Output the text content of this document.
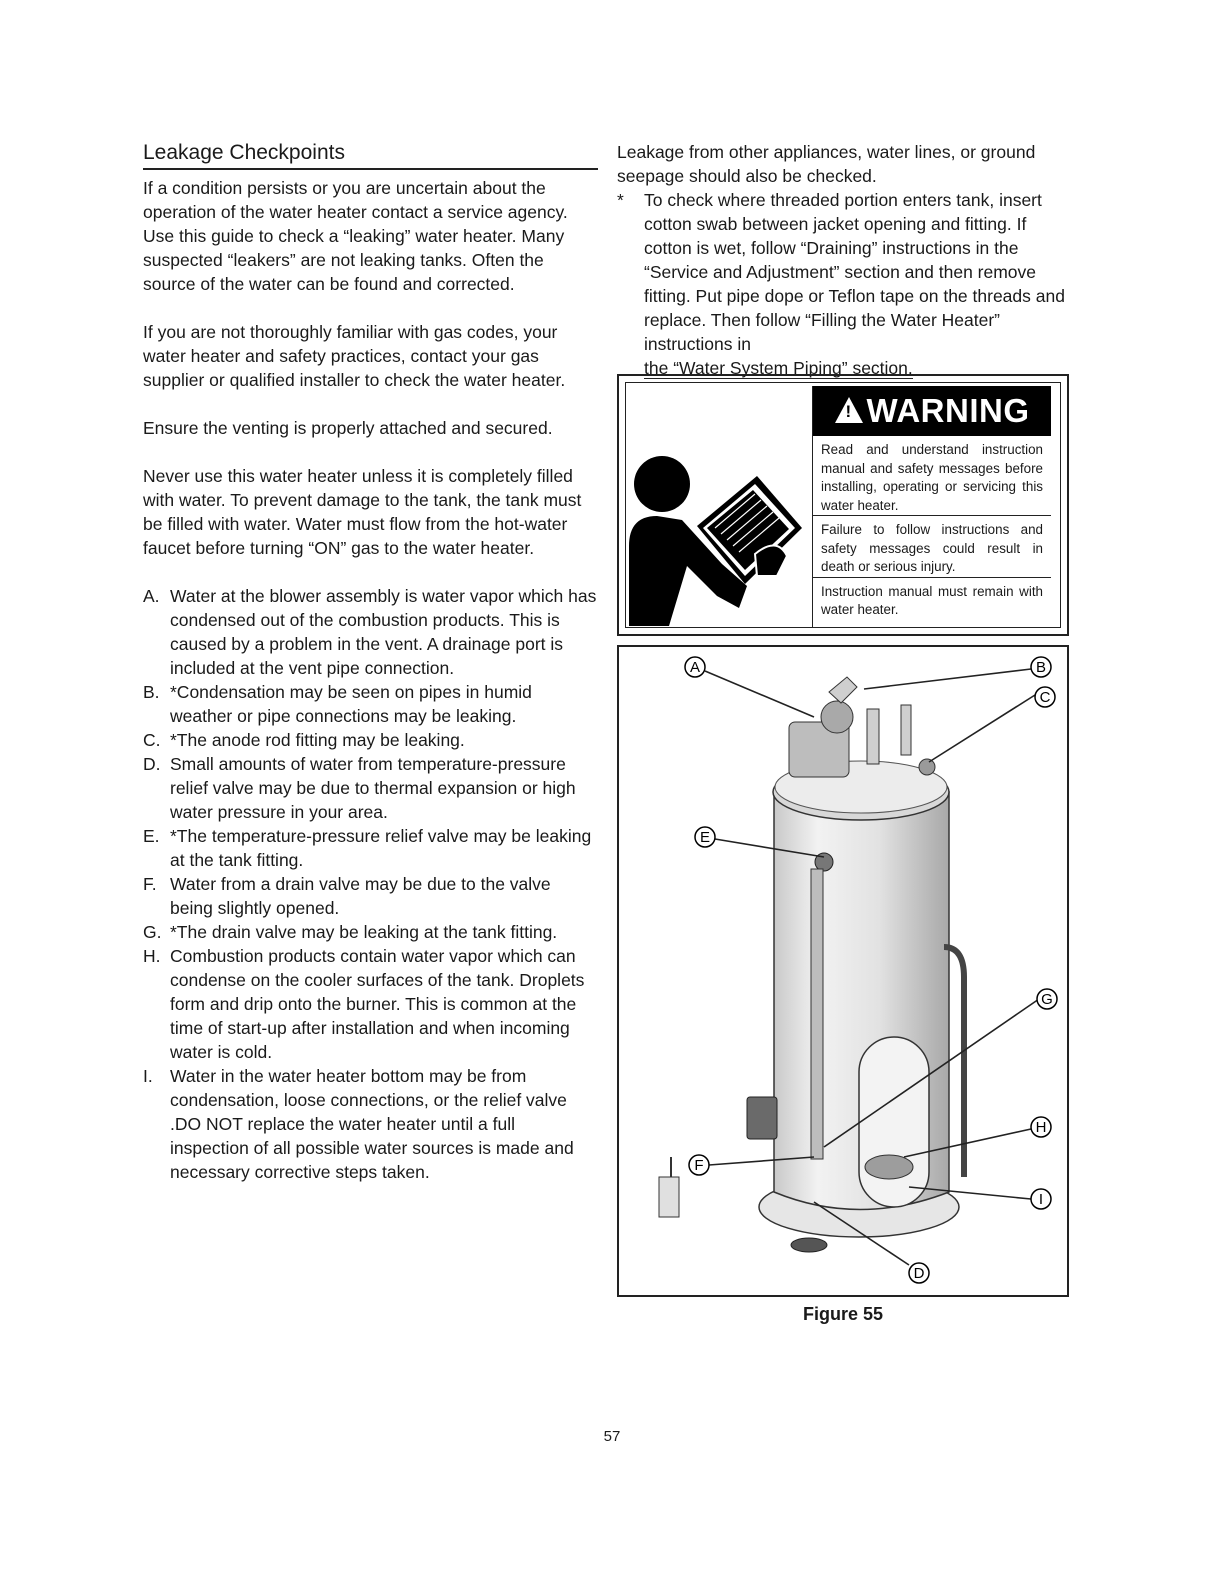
Leakage Checkpoints

If a condition persists or you are uncertain about the operation of the water heater contact a service agency. Use this guide to check a “leaking” water heater. Many suspected “leakers” are not leaking tanks. Often the source of the water can be found and corrected.

If you are not thoroughly familiar with gas codes, your water heater and safety practices, contact your gas supplier or qualified installer to check the water heater.

Ensure the venting is properly attached and secured.

Never use this water heater unless it is completely filled with water. To prevent damage to the tank, the tank must be filled with water. Water must flow from the hot-water faucet before turning “ON” gas to the water heater.

A. Water at the blower assembly is water vapor which has condensed out of the combustion products. This is caused by a problem in the vent. A drainage port is included at the vent pipe connection.
B. *Condensation may be seen on pipes in humid weather or pipe connections may be leaking.
C. *The anode rod fitting may be leaking.
D. Small amounts of water from temperature-pressure relief valve may be due to thermal expansion or high water pressure in your area.
E. *The temperature-pressure relief valve may be leaking at the tank fitting.
F. Water from a drain valve may be due to the valve being slightly opened.
G. *The drain valve may be leaking at the tank fitting.
H. Combustion products contain water vapor which can condense on the cooler surfaces of the tank. Droplets form and drip onto the burner. This is common at the time of start-up after installation and when incoming water is cold.
I. Water in the water heater bottom may be from condensation, loose connections, or the relief valve .DO NOT replace the water heater until a full inspection of all possible water sources is made and necessary corrective steps taken.

Leakage from other appliances, water lines, or ground seepage should also be checked.

* To check where threaded portion enters tank, insert cotton swab between jacket opening and fitting. If cotton is wet, follow “Draining” instructions in the “Service and Adjustment” section and then remove fitting. Put pipe dope or Teflon tape on the threads and replace. Then follow “Filling the Water Heater” instructions in
the “Water System Piping” section.
! WARNING
Read and understand instruction manual and safety messages before installing, operating or servicing this water heater.
Failure to follow instructions and safety messages could result in death or serious injury.
Instruction manual must remain with water heater.
A	B
C
D
E
F
G
H
I
Figure 55
57
